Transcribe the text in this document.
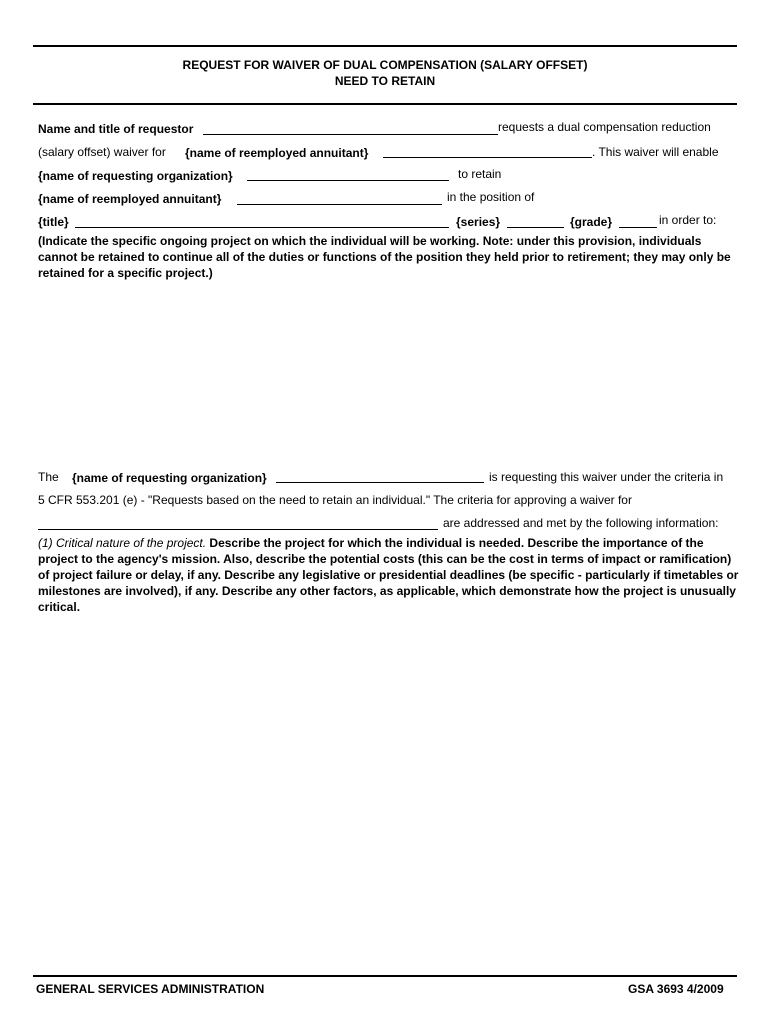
REQUEST FOR WAIVER OF DUAL COMPENSATION (SALARY OFFSET)
NEED TO RETAIN
Name and title of requestor	requests a dual compensation reduction
(salary offset) waiver for {name of reemployed annuitant}	. This waiver will enable
{name of requesting organization}	to retain
{name of reemployed annuitant}	in the position of
{title}	{series}	{grade}	in order to:
(Indicate the specific ongoing project on which the individual will be working. Note: under this provision, individuals cannot be retained to continue all of the duties or functions of the position they held prior to retirement; they may only be retained for a specific project.)
The {name of requesting organization}	is requesting this waiver under the criteria in
5 CFR 553.201 (e) - "Requests based on the need to retain an individual." The criteria for approving a waiver for
are addressed and met by the following information:
(1) Critical nature of the project. Describe the project for which the individual is needed. Describe the importance of the project to the agency's mission. Also, describe the potential costs (this can be the cost in terms of impact or ramification) of project failure or delay, if any. Describe any legislative or presidential deadlines (be specific - particularly if timetables or milestones are involved), if any. Describe any other factors, as applicable, which demonstrate how the project is unusually critical.
GENERAL SERVICES ADMINISTRATION	GSA 3693 4/2009
